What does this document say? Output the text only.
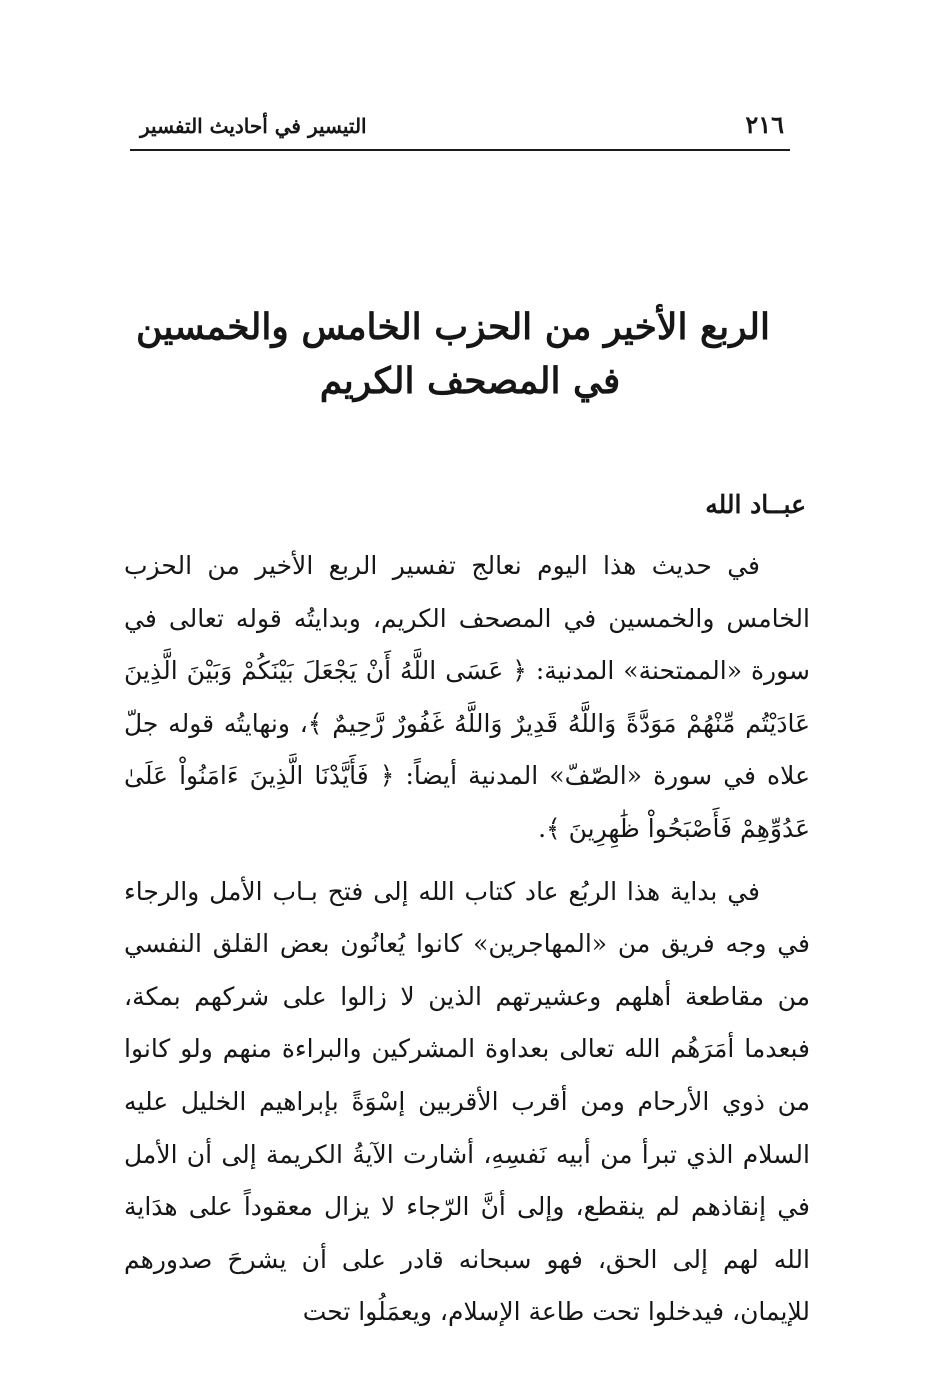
التيسير في أحاديث التفسير	٢١٦
الربع الأخير من الحزب الخامس والخمسين
في المصحف الكريم
عبــاد الله

في حديث هذا اليوم نعالج تفسير الربع الأخير من الحزب الخامس والخمسين في المصحف الكريم، وبدايتُه قوله تعالى في سورة «الممتحنة» المدنية: ﴿ عَسَى اللَّهُ أَنْ يَجْعَلَ بَيْنَكُمْ وَبَيْنَ الَّذِينَ عَادَيْتُم مِّنْهُمْ مَوَدَّةً وَاللَّهُ قَدِيرٌ وَاللَّهُ غَفُورٌ رَّحِيمٌ ﴾، ونهايتُه قوله جلّ علاه في سورة «الصّفّ» المدنية أيضاً: ﴿ فَأَيَّدْنَا الَّذِينَ ءَامَنُواْ عَلَىٰ عَدُوِّهِمْ فَأَصْبَحُواْ ظَٰهِرِينَ ﴾.

في بداية هذا الربُع عاد كتاب الله إلى فتح بـاب الأمل والرجاء في وجه فريق من «المهاجرين» كانوا يُعانُون بعض القلق النفسي من مقاطعة أهلهم وعشيرتهم الذين لا زالوا على شركهم بمكة، فبعدما أمَرَهُم الله تعالى بعداوة المشركين والبراءة منهم ولو كانوا من ذوي الأرحام ومن أقرب الأقربين إسْوَةً بإبراهيم الخليل عليه السلام الذي تبرأ من أبيه نَفسِهِ، أشارت الآيةُ الكريمة إلى أن الأمل في إنقاذهم لم ينقطع، وإلى أنَّ الرّجاء لا يزال معقوداً على هدَاية الله لهم إلى الحق، فهو سبحانه قادر على أن يشرحَ صدورهم للإيمان، فيدخلوا تحت طاعة الإسلام، ويعمَلُوا تحت
